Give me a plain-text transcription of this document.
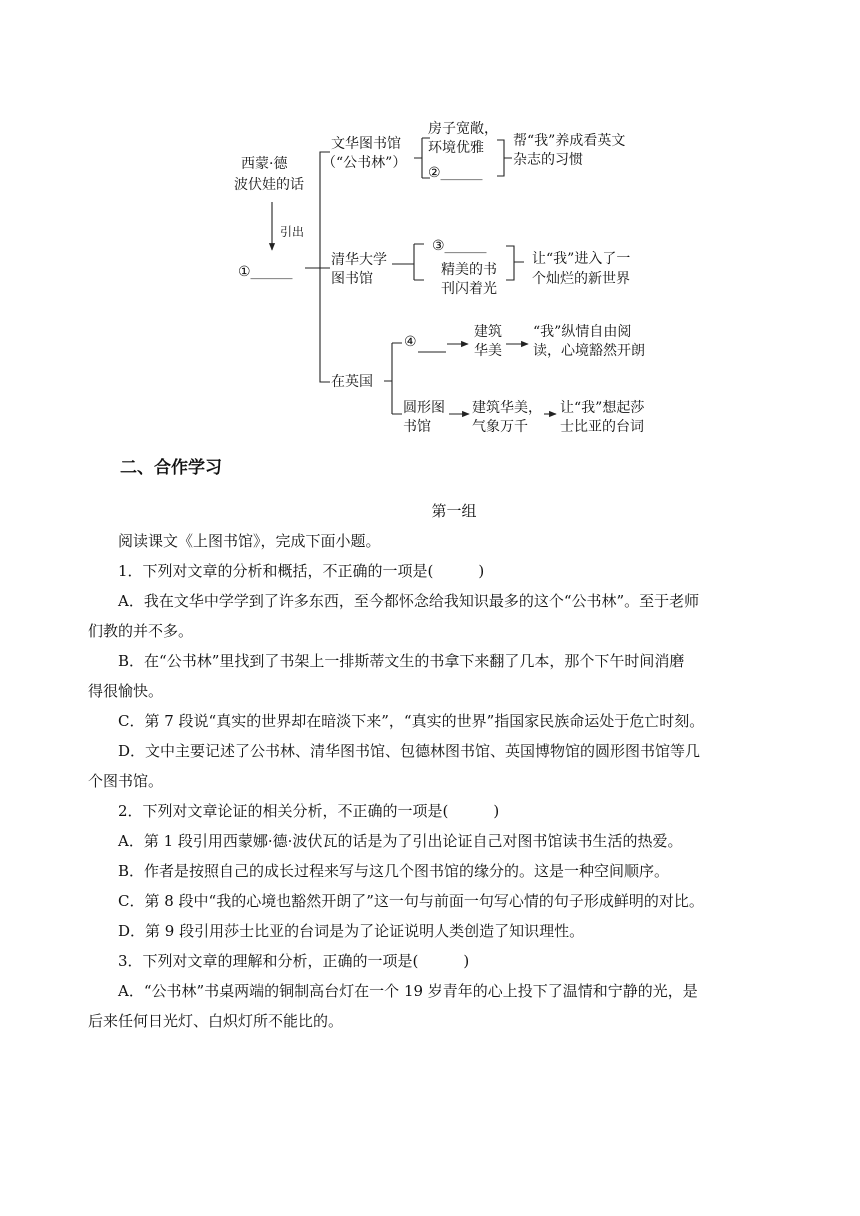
西蒙·德
波伏娃的话
引出
①______
文华图书馆
（“公书林”）
房子宽敞，
环境优雅
②______
帮“我”养成看英文
杂志的习惯
清华大学
图书馆
③______
精美的书
刊闪着光
让“我”进入了一
个灿烂的新世界
在英国
④
建筑
华美
“我”纵情自由阅
读，心境豁然开朗
圆形图
书馆
建筑华美，
气象万千
让“我”想起莎
士比亚的台词
二、合作学习
第一组

阅读课文《上图书馆》，完成下面小题。

1．下列对文章的分析和概括，不正确的一项是(　　　)

A．我在文华中学学到了许多东西，至今都怀念给我知识最多的这个“公书林”。至于老师

们教的并不多。

B．在“公书林”里找到了书架上一排斯蒂文生的书拿下来翻了几本，那个下午时间消磨

得很愉快。

C．第 7 段说“真实的世界却在暗淡下来”，“真实的世界”指国家民族命运处于危亡时刻。

D．文中主要记述了公书林、清华图书馆、包德林图书馆、英国博物馆的圆形图书馆等几

个图书馆。

2．下列对文章论证的相关分析，不正确的一项是(　　　)

A．第 1 段引用西蒙娜·德·波伏瓦的话是为了引出论证自己对图书馆读书生活的热爱。

B．作者是按照自己的成长过程来写与这几个图书馆的缘分的。这是一种空间顺序。

C．第 8 段中“我的心境也豁然开朗了”这一句与前面一句写心情的句子形成鲜明的对比。

D．第 9 段引用莎士比亚的台词是为了论证说明人类创造了知识理性。

3．下列对文章的理解和分析，正确的一项是(　　　)

A．“公书林”书桌两端的铜制高台灯在一个 19 岁青年的心上投下了温情和宁静的光，是

后来任何日光灯、白炽灯所不能比的。
